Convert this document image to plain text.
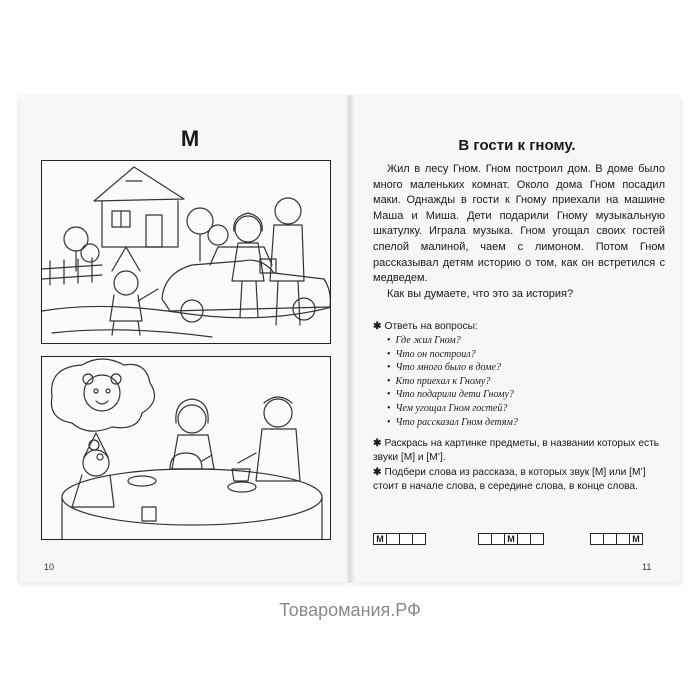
М
10
В гости к гному.

Жил в лесу Гном. Гном построил дом. В доме было много маленьких комнат. Около дома Гном посадил маки. Однажды в гости к Гному приехали на машине Маша и Миша. Дети подарили Гному музыкальную шкатулку. Играла музыка. Гном угощал своих гостей спелой малиной, чаем с лимоном. Потом Гном рассказывал детям историю о том, как он встретился с медведем.

Как вы думаете, что это за история?

✱ Ответь на вопросы:
• Где жил Гном?
• Что он построил?
• Что много было в доме?
• Кто приехал к Гному?
• Что подарили дети Гному?
• Чем угощал Гном гостей?
• Что рассказал Гном детям?
✱ Раскрась на картинке предметы, в названии которых есть звуки [М] и [М’].
✱ Подбери слова из рассказа, в которых звук [М] или [М’] стоит в начале слова, в середине слова, в конце слова.
М	М	М
11
Товаромания.РФ
